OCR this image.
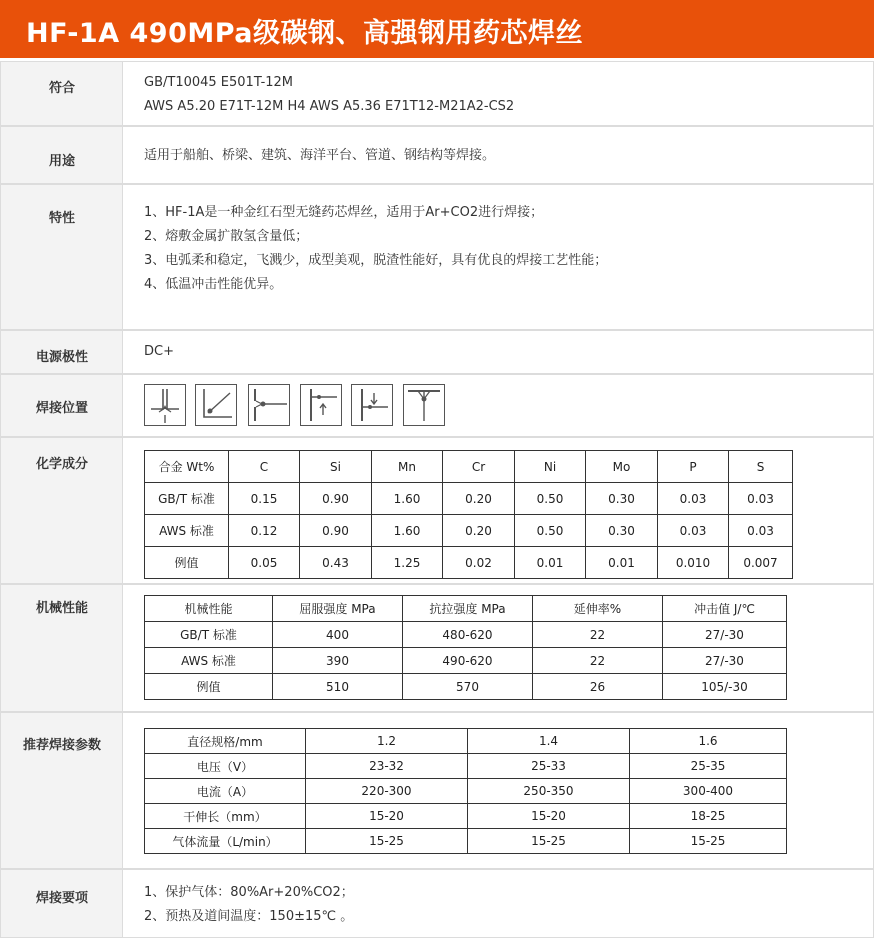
HF-1A 490MPa级碳钢、高强钢用药芯焊丝
符合	GB/T10045 E501T-12M
AWS A5.20 E71T-12M H4 AWS A5.36 E71T12-M21A2-CS2
用途	适用于船舶、桥梁、建筑、海洋平台、管道、钢结构等焊接。
特性	1、HF-1A是一种金红石型无缝药芯焊丝，适用于Ar+CO2进行焊接；
2、熔敷金属扩散氢含量低；
3、电弧柔和稳定，飞溅少，成型美观，脱渣性能好，具有优良的焊接工艺性能；
4、低温冲击性能优异。
电源极性	DC+
焊接位置
化学成分	合金 Wt%	C	Si	Mn	Cr	Ni	Mo	P	S
GB/T 标准	0.15	0.90	1.60	0.20	0.50	0.30	0.03	0.03
AWS 标准	0.12	0.90	1.60	0.20	0.50	0.30	0.03	0.03
例值	0.05	0.43	1.25	0.02	0.01	0.01	0.010	0.007
机械性能	机械性能	屈服强度 MPa	抗拉强度 MPa	延伸率%	冲击值 J/℃
GB/T 标准	400	480-620	22	27/-30
AWS 标准	390	490-620	22	27/-30
例值	510	570	26	105/-30
推荐焊接参数	直径规格/mm	1.2	1.4	1.6
电压（V）	23-32	25-33	25-35
电流（A）	220-300	250-350	300-400
干伸长（mm）	15-20	15-20	18-25
气体流量（L/min）	15-25	15-25	15-25
焊接要项	1、保护气体：80%Ar+20%CO2；
2、预热及道间温度：150±15℃ 。
